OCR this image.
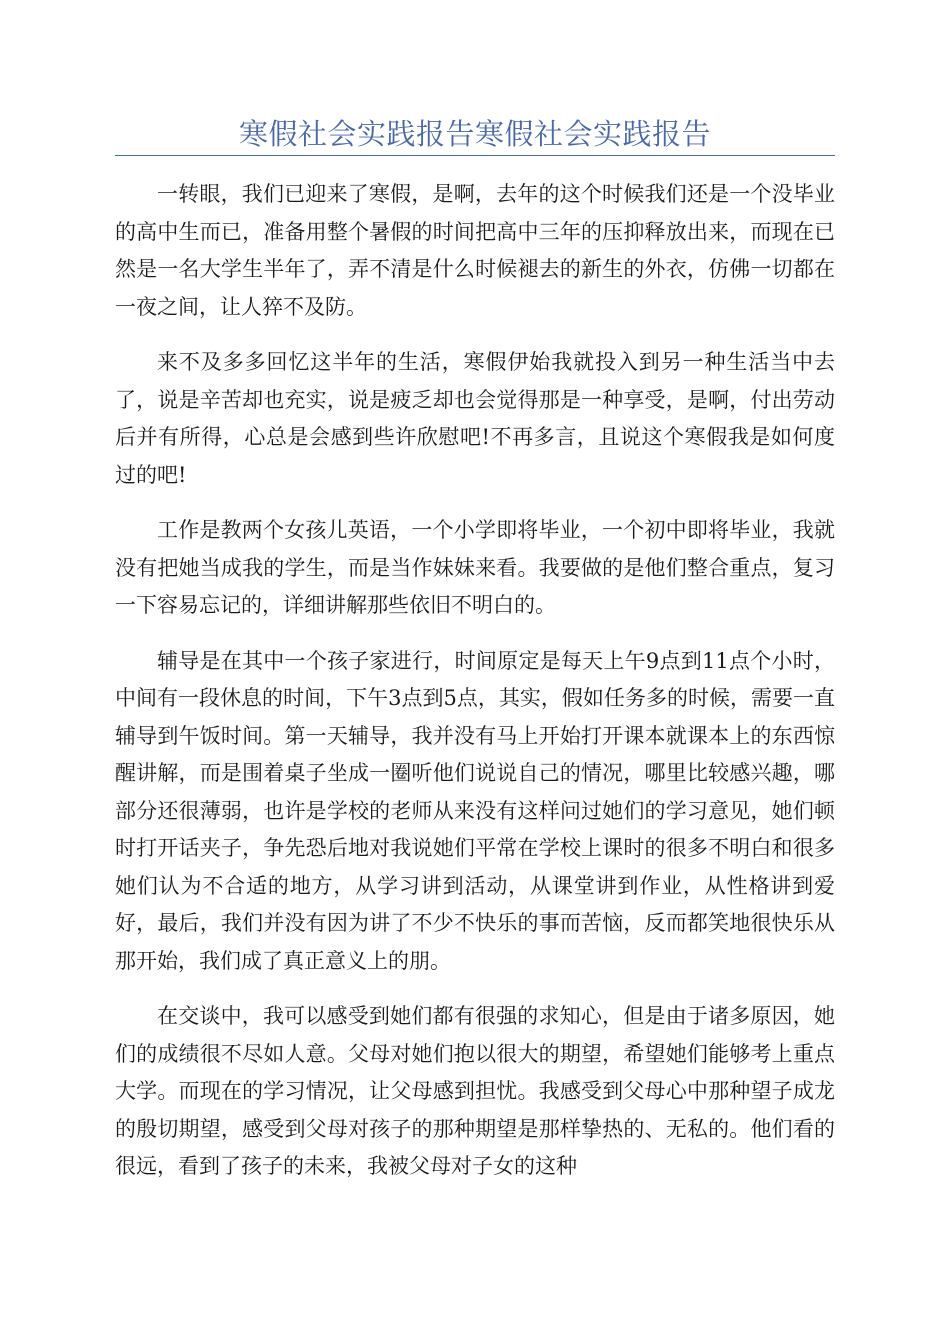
寒假社会实践报告寒假社会实践报告

一转眼，我们已迎来了寒假，是啊，去年的这个时候我们还是一个没毕业的高中生而已，准备用整个暑假的时间把高中三年的压抑释放出来，而现在已然是一名大学生半年了，弄不清是什么时候褪去的新生的外衣，仿佛一切都在一夜之间，让人猝不及防。

来不及多多回忆这半年的生活，寒假伊始我就投入到另一种生活当中去了，说是辛苦却也充实，说是疲乏却也会觉得那是一种享受，是啊，付出劳动后并有所得，心总是会感到些许欣慰吧!不再多言，且说这个寒假我是如何度过的吧!

工作是教两个女孩儿英语，一个小学即将毕业，一个初中即将毕业，我就没有把她当成我的学生，而是当作妹妹来看。我要做的是他们整合重点，复习一下容易忘记的，详细讲解那些依旧不明白的。

辅导是在其中一个孩子家进行，时间原定是每天上午9点到11点个小时，中间有一段休息的时间，下午3点到5点，其实，假如任务多的时候，需要一直辅导到午饭时间。第一天辅导，我并没有马上开始打开课本就课本上的东西惊醒讲解，而是围着桌子坐成一圈听他们说说自己的情况，哪里比较感兴趣，哪部分还很薄弱，也许是学校的老师从来没有这样问过她们的学习意见，她们顿时打开话夹子，争先恐后地对我说她们平常在学校上课时的很多不明白和很多她们认为不合适的地方，从学习讲到活动，从课堂讲到作业，从性格讲到爱好，最后，我们并没有因为讲了不少不快乐的事而苦恼，反而都笑地很快乐从那开始，我们成了真正意义上的朋。

在交谈中，我可以感受到她们都有很强的求知心，但是由于诸多原因，她们的成绩很不尽如人意。父母对她们抱以很大的期望，希望她们能够考上重点大学。而现在的学习情况，让父母感到担忧。我感受到父母心中那种望子成龙的殷切期望，感受到父母对孩子的那种期望是那样挚热的、无私的。他们看的很远，看到了孩子的未来，我被父母对子女的这种
